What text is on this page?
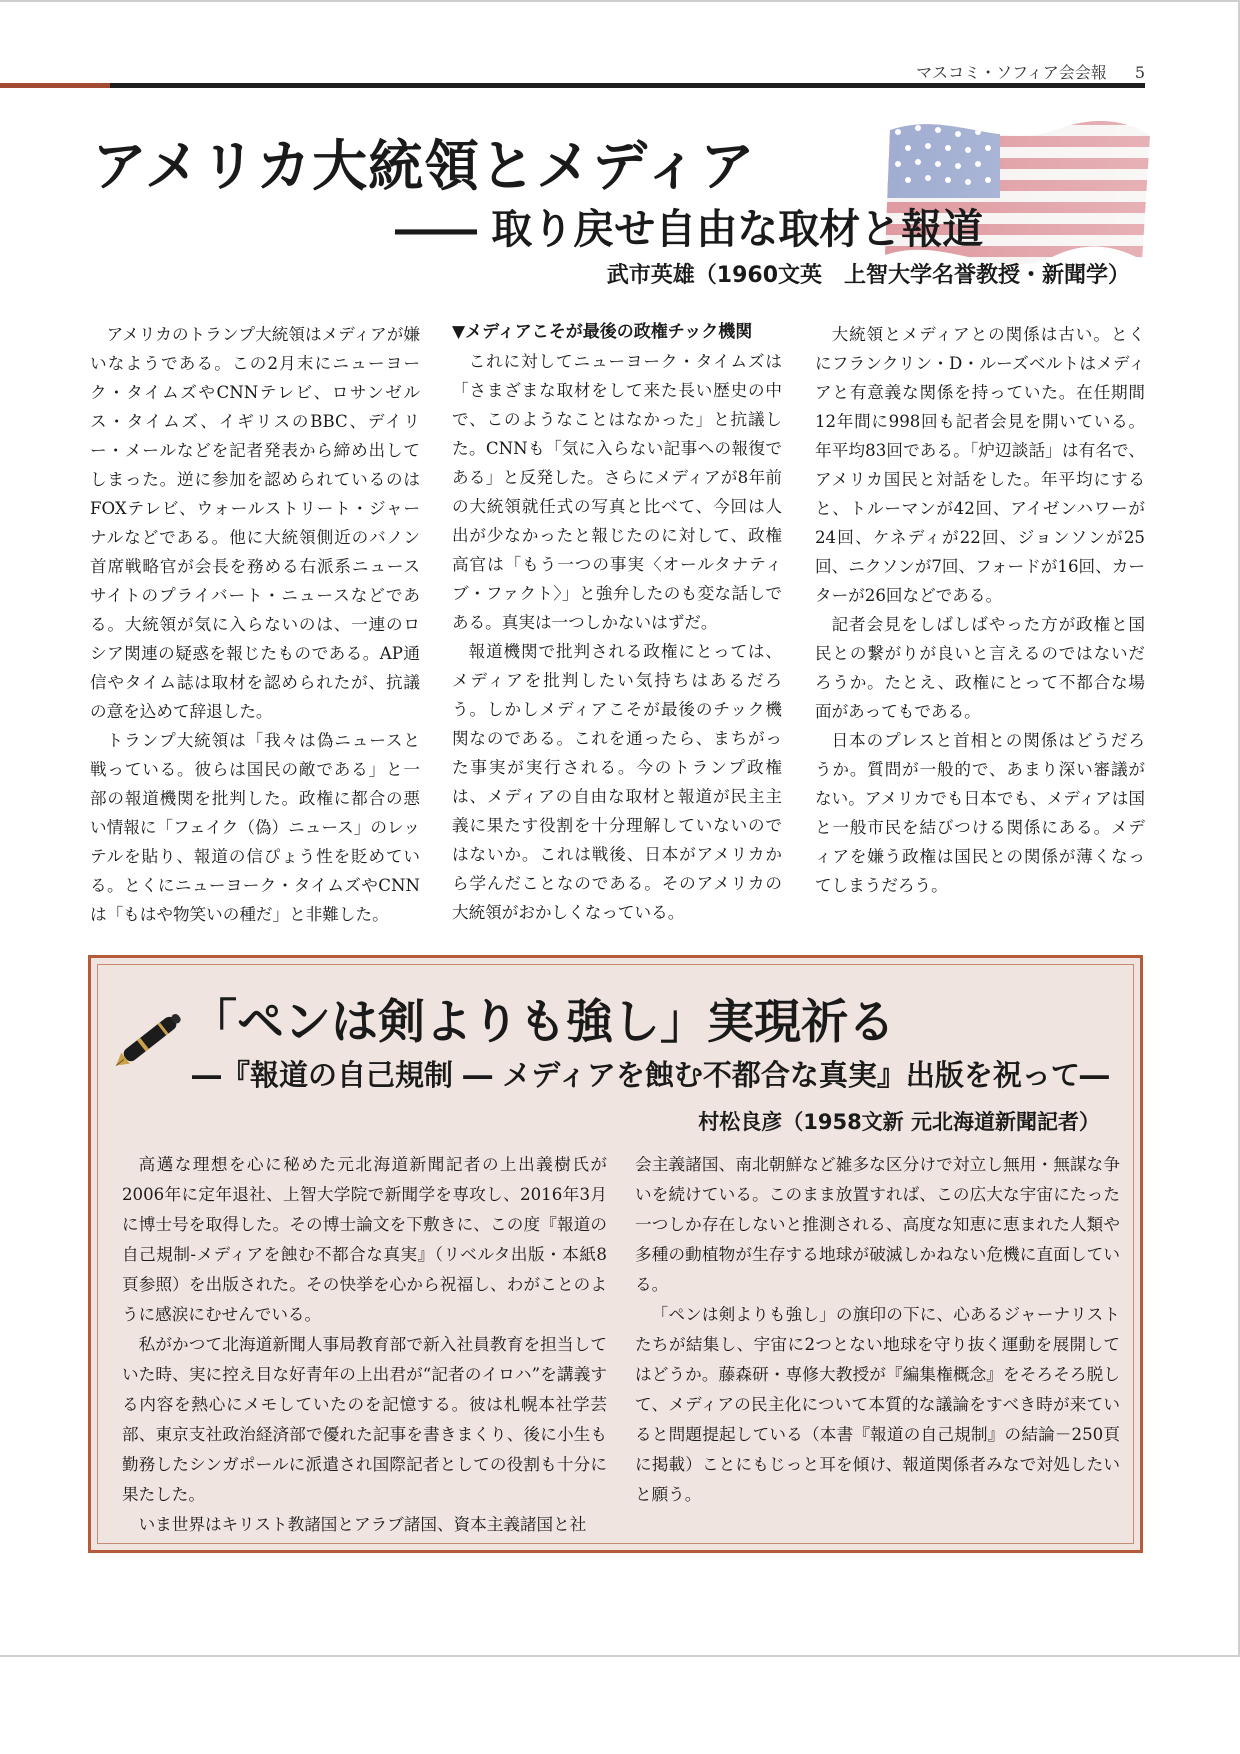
マスコミ・ソフィア会会報 5
アメリカ大統領とメディア
―― 取り戻せ自由な取材と報道
武市英雄（1960文英　上智大学名誉教授・新聞学）

アメリカのトランプ大統領はメディアが嫌いなようである。この2月末にニューヨーク・タイムズやCNNテレビ、ロサンゼルス・タイムズ、イギリスのBBC、デイリー・メールなどを記者発表から締め出してしまった。逆に参加を認められているのはFOXテレビ、ウォールストリート・ジャーナルなどである。他に大統領側近のバノン首席戦略官が会長を務める右派系ニュースサイトのプライバート・ニュースなどである。大統領が気に入らないのは、一連のロシア関連の疑惑を報じたものである。AP通信やタイム誌は取材を認められたが、抗議の意を込めて辞退した。

トランプ大統領は「我々は偽ニュースと戦っている。彼らは国民の敵である」と一部の報道機関を批判した。政権に都合の悪い情報に「フェイク（偽）ニュース」のレッテルを貼り、報道の信ぴょう性を貶めている。とくにニューヨーク・タイムズやCNNは「もはや物笑いの種だ」と非難した。

▼メディアこそが最後の政権チック機関

これに対してニューヨーク・タイムズは「さまざまな取材をして来た長い歴史の中で、このようなことはなかった」と抗議した。CNNも「気に入らない記事への報復である」と反発した。さらにメディアが8年前の大統領就任式の写真と比べて、今回は人出が少なかったと報じたのに対して、政権高官は「もう一つの事実〈オールタナティブ・ファクト〉」と強弁したのも変な話しである。真実は一つしかないはずだ。

報道機関で批判される政権にとっては、メディアを批判したい気持ちはあるだろう。しかしメディアこそが最後のチック機関なのである。これを通ったら、まちがった事実が実行される。今のトランプ政権は、メディアの自由な取材と報道が民主主義に果たす役割を十分理解していないのではないか。これは戦後、日本がアメリカから学んだことなのである。そのアメリカの大統領がおかしくなっている。

大統領とメディアとの関係は古い。とくにフランクリン・D・ルーズベルトはメディアと有意義な関係を持っていた。在任期間12年間に998回も記者会見を開いている。年平均83回である。「炉辺談話」は有名で、アメリカ国民と対話をした。年平均にすると、トルーマンが42回、アイゼンハワーが24回、ケネディが22回、ジョンソンが25回、ニクソンが7回、フォードが16回、カーターが26回などである。

記者会見をしばしばやった方が政権と国民との繋がりが良いと言えるのではないだろうか。たとえ、政権にとって不都合な場面があってもである。

日本のプレスと首相との関係はどうだろうか。質問が一般的で、あまり深い審議がない。アメリカでも日本でも、メディアは国と一般市民を結びつける関係にある。メディアを嫌う政権は国民との関係が薄くなってしまうだろう。

「ペンは剣よりも強し」実現祈る
―『報道の自己規制 ― メディアを蝕む不都合な真実』出版を祝って―
村松良彦（1958文新 元北海道新聞記者）

高邁な理想を心に秘めた元北海道新聞記者の上出義樹氏が2006年に定年退社、上智大学院で新聞学を専攻し、2016年3月に博士号を取得した。その博士論文を下敷きに、この度『報道の自己規制-メディアを蝕む不都合な真実』（リベルタ出版・本紙8頁参照）を出版された。その快挙を心から祝福し、わがことのように感涙にむせんでいる。

私がかつて北海道新聞人事局教育部で新入社員教育を担当していた時、実に控え目な好青年の上出君が“記者のイロハ”を講義する内容を熱心にメモしていたのを記憶する。彼は札幌本社学芸部、東京支社政治経済部で優れた記事を書きまくり、後に小生も勤務したシンガポールに派遣され国際記者としての役割も十分に果たした。

いま世界はキリスト教諸国とアラブ諸国、資本主義諸国と社

会主義諸国、南北朝鮮など雑多な区分けで対立し無用・無謀な争いを続けている。このまま放置すれば、この広大な宇宙にたった一つしか存在しないと推測される、高度な知恵に恵まれた人類や多種の動植物が生存する地球が破滅しかねない危機に直面している。

「ペンは剣よりも強し」の旗印の下に、心あるジャーナリストたちが結集し、宇宙に2つとない地球を守り抜く運動を展開してはどうか。藤森研・専修大教授が『編集権概念』をそろそろ脱して、メディアの民主化について本質的な議論をすべき時が来ていると問題提起している（本書『報道の自己規制』の結論－250頁に掲載）ことにもじっと耳を傾け、報道関係者みなで対処したいと願う。
